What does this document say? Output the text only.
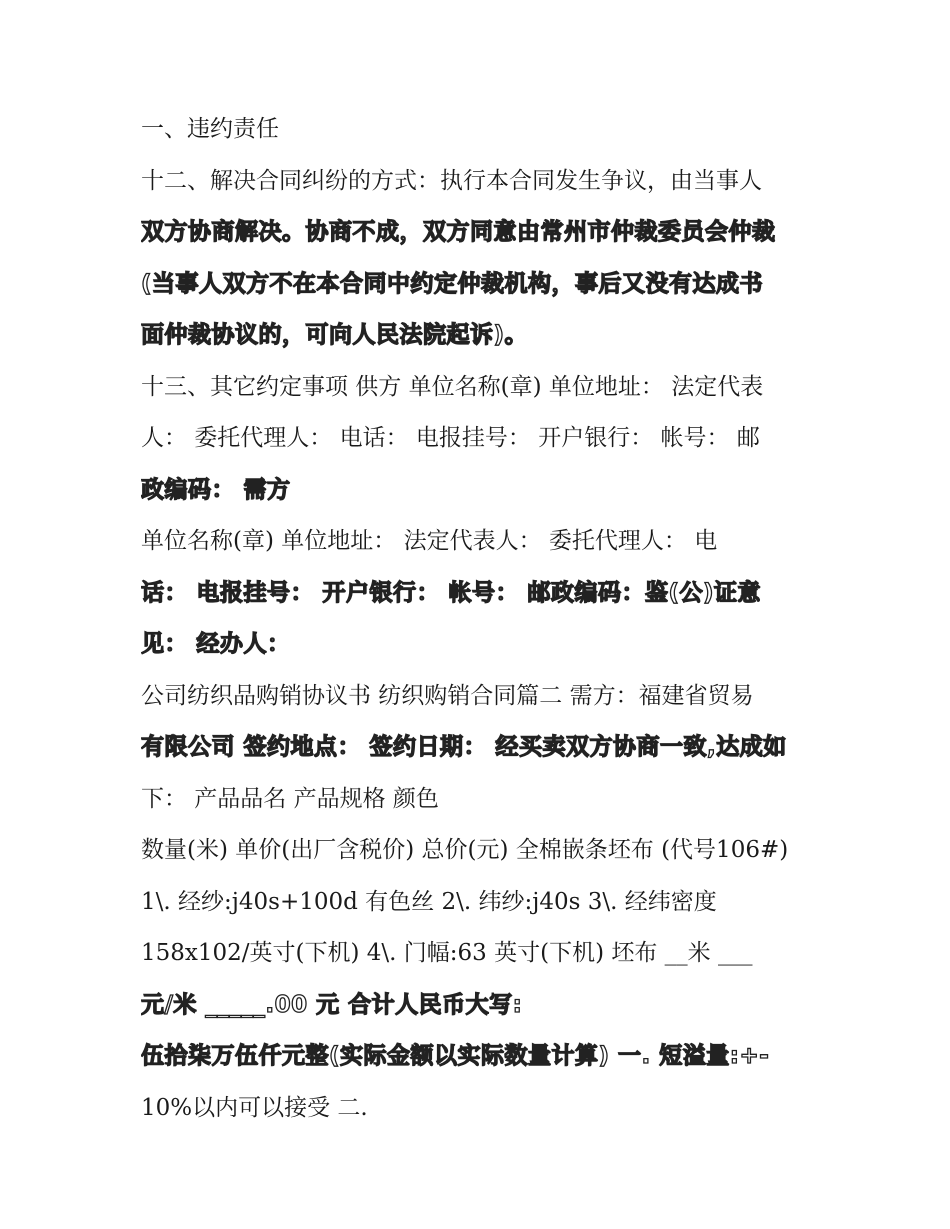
一、违约责任
十二、解决合同纠纷的方式：执行本合同发生争议，由当事人
双方协商解决。协商不成，双方同意由常州市仲裁委员会仲裁
(当事人双方不在本合同中约定仲裁机构，事后又没有达成书
面仲裁协议的，可向人民法院起诉)。
十三、其它约定事项 供方 单位名称(章) 单位地址： 法定代表
人： 委托代理人： 电话： 电报挂号： 开户银行： 帐号： 邮
政编码： 需方
单位名称(章) 单位地址： 法定代表人： 委托代理人： 电
话： 电报挂号： 开户银行： 帐号： 邮政编码：鉴(公)证意
见： 经办人：
公司纺织品购销协议书 纺织购销合同篇二 需方：福建省贸易
有限公司 签约地点： 签约日期： 经买卖双方协商一致,达成如
下： 产品品名 产品规格 颜色
数量(米) 单价(出厂含税价) 总价(元) 全棉嵌条坯布 (代号106#)
1\. 经纱:j40s+100d 有色丝 2\. 纬纱:j40s 3\. 经纬密度
158x102/英寸(下机) 4\. 门幅:63 英寸(下机) 坯布 __米 ___
元/米 _____.00 元 合计人民币大写:
伍拾柒万伍仟元整(实际金额以实际数量计算) 一. 短溢量:+-
10%以内可以接受 二.
